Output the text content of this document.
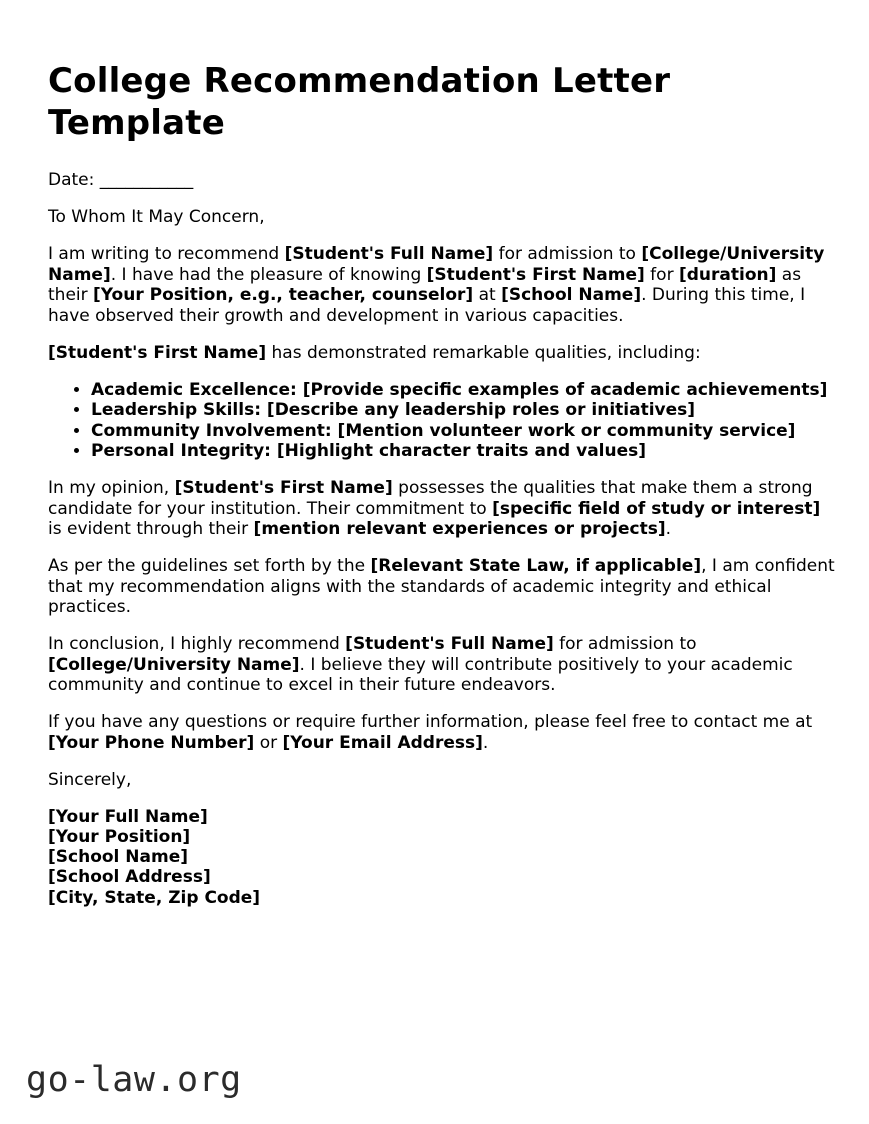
College Recommendation Letter Template

Date: ___________

To Whom It May Concern,

I am writing to recommend [Student's Full Name] for admission to [College/University Name]. I have had the pleasure of knowing [Student's First Name] for [duration] as their [Your Position, e.g., teacher, counselor] at [School Name]. During this time, I have observed their growth and development in various capacities.

[Student's First Name] has demonstrated remarkable qualities, including:

• Academic Excellence: [Provide specific examples of academic achievements]
• Leadership Skills: [Describe any leadership roles or initiatives]
• Community Involvement: [Mention volunteer work or community service]
• Personal Integrity: [Highlight character traits and values]

In my opinion, [Student's First Name] possesses the qualities that make them a strong candidate for your institution. Their commitment to [specific field of study or interest] is evident through their [mention relevant experiences or projects].

As per the guidelines set forth by the [Relevant State Law, if applicable], I am confident that my recommendation aligns with the standards of academic integrity and ethical practices.

In conclusion, I highly recommend [Student's Full Name] for admission to [College/University Name]. I believe they will contribute positively to your academic community and continue to excel in their future endeavors.

If you have any questions or require further information, please feel free to contact me at [Your Phone Number] or [Your Email Address].

Sincerely,

[Your Full Name]
[Your Position]
[School Name]
[School Address]
[City, State, Zip Code]

go-law.org
